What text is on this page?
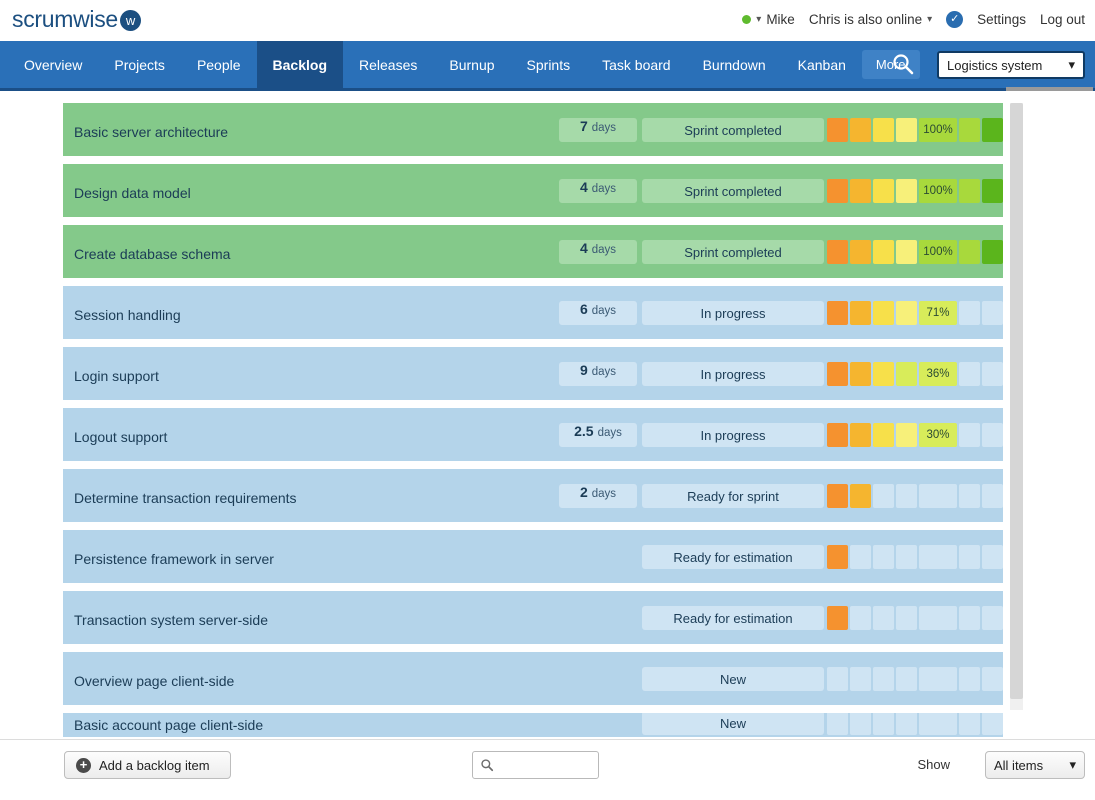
scrumwise w	▾ Mike Chris is also online ▾	✓ Settings Log out
Overview	Projects	People	Backlog	Releases	Burnup	Sprints	Task board	Burndown	Kanban	More	Logistics system ▾
Basic server architecture	7 days	Sprint completed	100%
Design data model	4 days	Sprint completed	100%
Create database schema	4 days	Sprint completed	100%
Session handling	6 days	In progress	71%
Login support	9 days	In progress	36%
Logout support	2.5 days	In progress	30%
Determine transaction requirements	2 days	Ready for sprint
Persistence framework in server	Ready for estimation
Transaction system server-side	Ready for estimation
Overview page client-side	New
Basic account page client-side	New
+ Add a backlog item	Show	All items ▾
